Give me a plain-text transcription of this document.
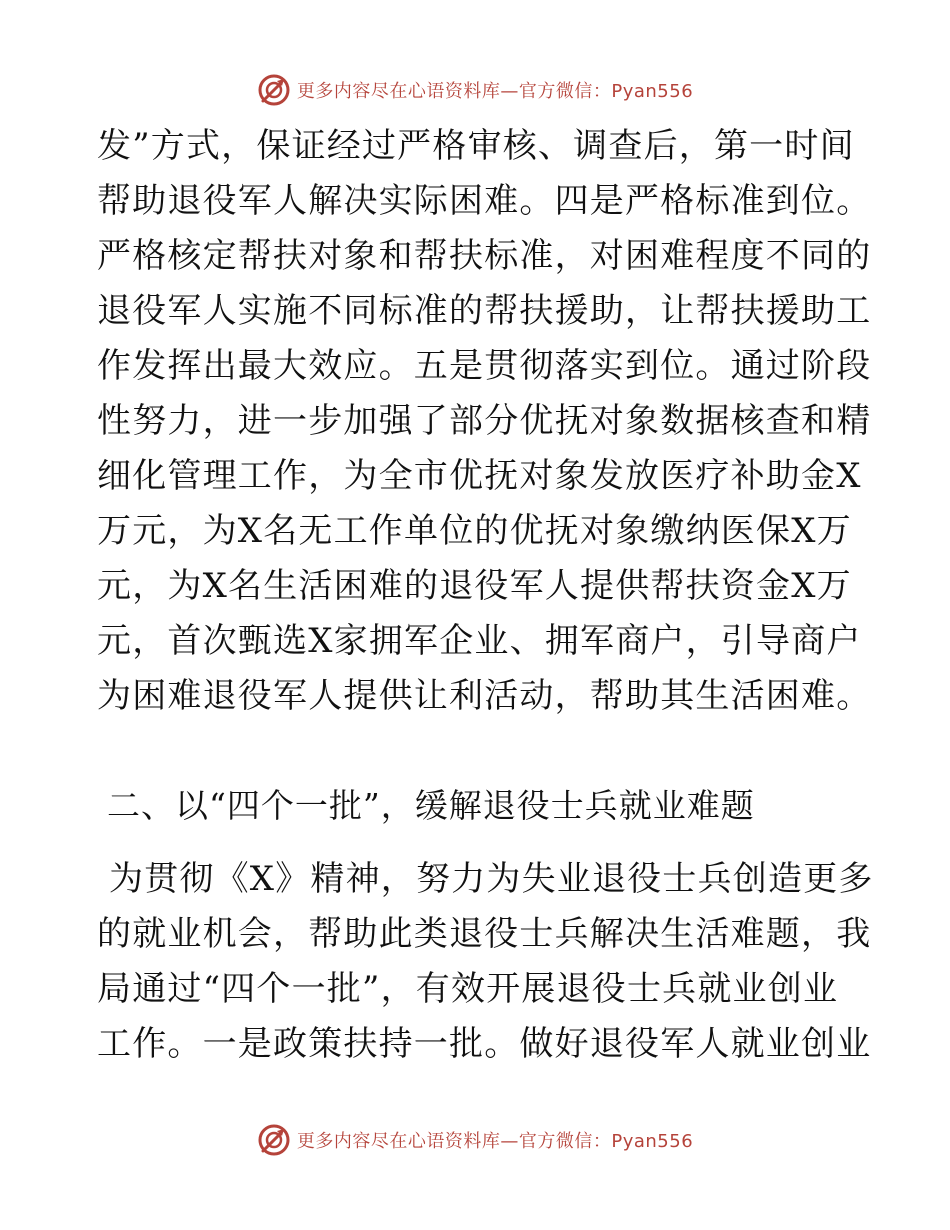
更多内容尽在心语资料库—官方微信：Pyan556
发”方式，保证经过严格审核、调查后，第一时间
帮助退役军人解决实际困难。四是严格标准到位。
严格核定帮扶对象和帮扶标准，对困难程度不同的
退役军人实施不同标准的帮扶援助，让帮扶援助工
作发挥出最大效应。五是贯彻落实到位。通过阶段
性努力，进一步加强了部分优抚对象数据核查和精
细化管理工作，为全市优抚对象发放医疗补助金X
万元，为X名无工作单位的优抚对象缴纳医保X万
元，为X名生活困难的退役军人提供帮扶资金X万
元，首次甄选X家拥军企业、拥军商户，引导商户
为困难退役军人提供让利活动，帮助其生活困难。
二、以“四个一批”，缓解退役士兵就业难题
为贯彻《X》精神，努力为失业退役士兵创造更多
的就业机会，帮助此类退役士兵解决生活难题，我
局通过“四个一批”，有效开展退役士兵就业创业
工作。一是政策扶持一批。做好退役军人就业创业
更多内容尽在心语资料库—官方微信：Pyan556
